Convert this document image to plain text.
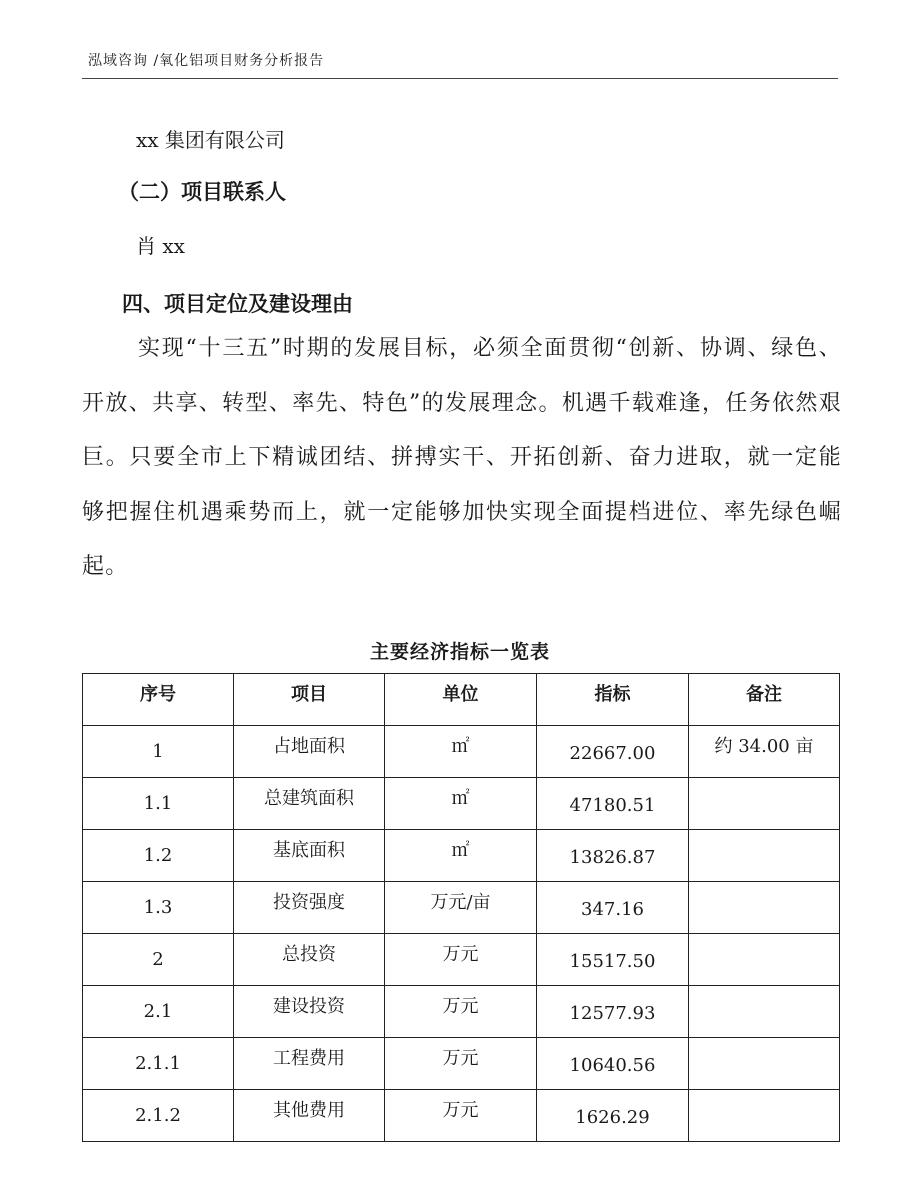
泓域咨询 /氧化铝项目财务分析报告
xx 集团有限公司
（二）项目联系人
肖 xx
四、项目定位及建设理由
实现“十三五”时期的发展目标，必须全面贯彻“创新、协调、绿色、开放、共享、转型、率先、特色”的发展理念。机遇千载难逢，任务依然艰巨。只要全市上下精诚团结、拼搏实干、开拓创新、奋力进取，就一定能够把握住机遇乘势而上，就一定能够加快实现全面提档进位、率先绿色崛起。
主要经济指标一览表
序号	项目	单位	指标	备注
1	占地面积	㎡	22667.00	约 34.00 亩
1.1	总建筑面积	㎡	47180.51	
1.2	基底面积	㎡	13826.87	
1.3	投资强度	万元/亩	347.16	
2	总投资	万元	15517.50	
2.1	建设投资	万元	12577.93	
2.1.1	工程费用	万元	10640.56	
2.1.2	其他费用	万元	1626.29	
